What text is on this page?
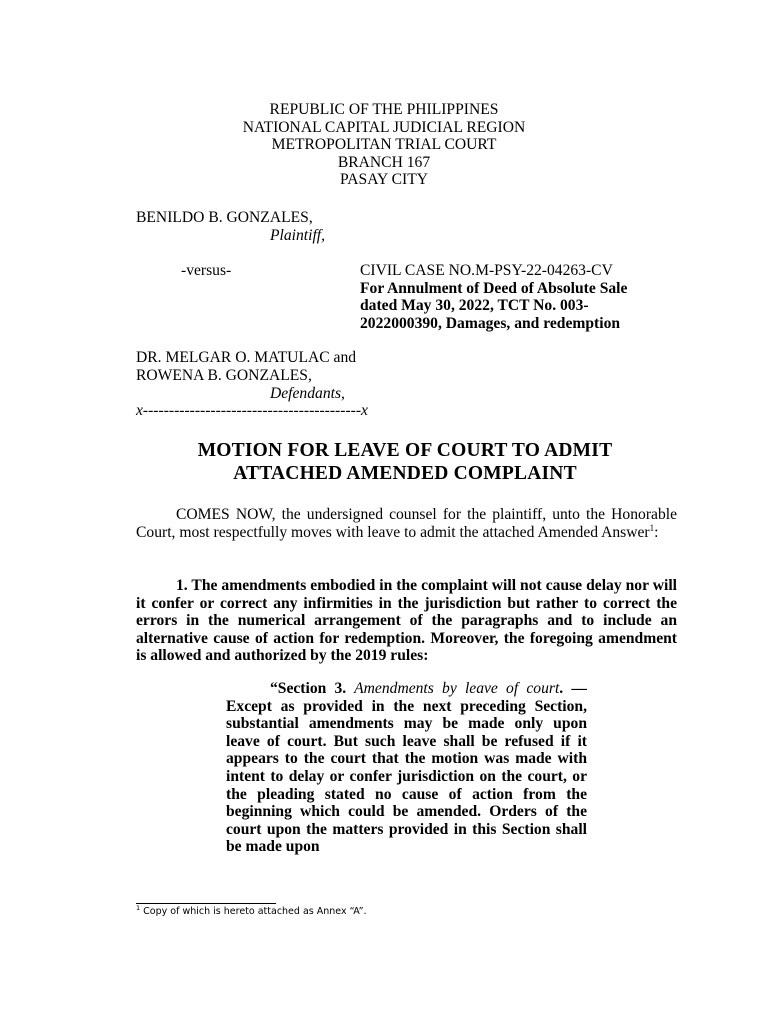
REPUBLIC OF THE PHILIPPINES
NATIONAL CAPITAL JUDICIAL REGION
METROPOLITAN TRIAL COURT
BRANCH 167
PASAY CITY
BENILDO B. GONZALES,
Plaintiff,
-versus-	CIVIL CASE NO.M-PSY-22-04263-CV
For Annulment of Deed of Absolute Sale
dated May 30, 2022, TCT No. 003-
2022000390, Damages, and redemption
DR. MELGAR O. MATULAC and
ROWENA B. GONZALES,
Defendants,
x------------------------------------------x
MOTION FOR LEAVE OF COURT TO ADMIT
ATTACHED AMENDED COMPLAINT
COMES NOW, the undersigned counsel for the plaintiff, unto the Honorable Court, most respectfully moves with leave to admit the attached Amended Answer$^1$:
1. The amendments embodied in the complaint will not cause delay nor will it confer or correct any infirmities in the jurisdiction but rather to correct the errors in the numerical arrangement of the paragraphs and to include an alternative cause of action for redemption. Moreover, the foregoing amendment is allowed and authorized by the 2019 rules:
“Section 3. Amendments by leave of court. — Except as provided in the next preceding Section, substantial amendments may be made only upon leave of court. But such leave shall be refused if it appears to the court that the motion was made with intent to delay or confer jurisdiction on the court, or the pleading stated no cause of action from the beginning which could be amended. Orders of the court upon the matters provided in this Section shall be made upon
$^1$ Copy of which is hereto attached as Annex “A”.
